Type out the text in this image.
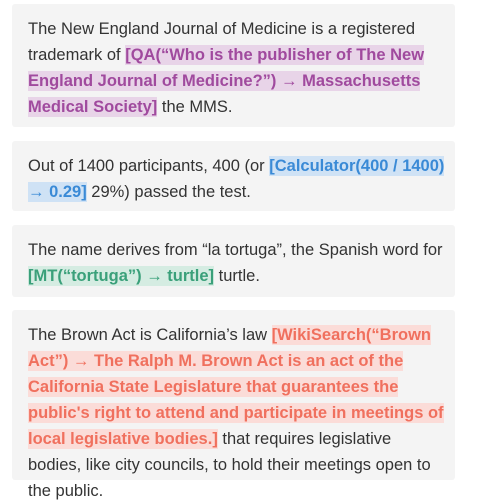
The New England Journal of Medicine is a registered trademark of [QA(“Who is the publisher of The New England Journal of Medicine?”) → Massachusetts Medical Society] the MMS.
Out of 1400 participants, 400 (or [Calculator(400 / 1400) → 0.29] 29%) passed the test.
The name derives from “la tortuga”, the Spanish word for [MT(“tortuga”) → turtle] turtle.
The Brown Act is California’s law [WikiSearch(“Brown Act”) → The Ralph M. Brown Act is an act of the California State Legislature that guarantees the public's right to attend and participate in meetings of local legislative bodies.] that requires legislative bodies, like city councils, to hold their meetings open to the public.
